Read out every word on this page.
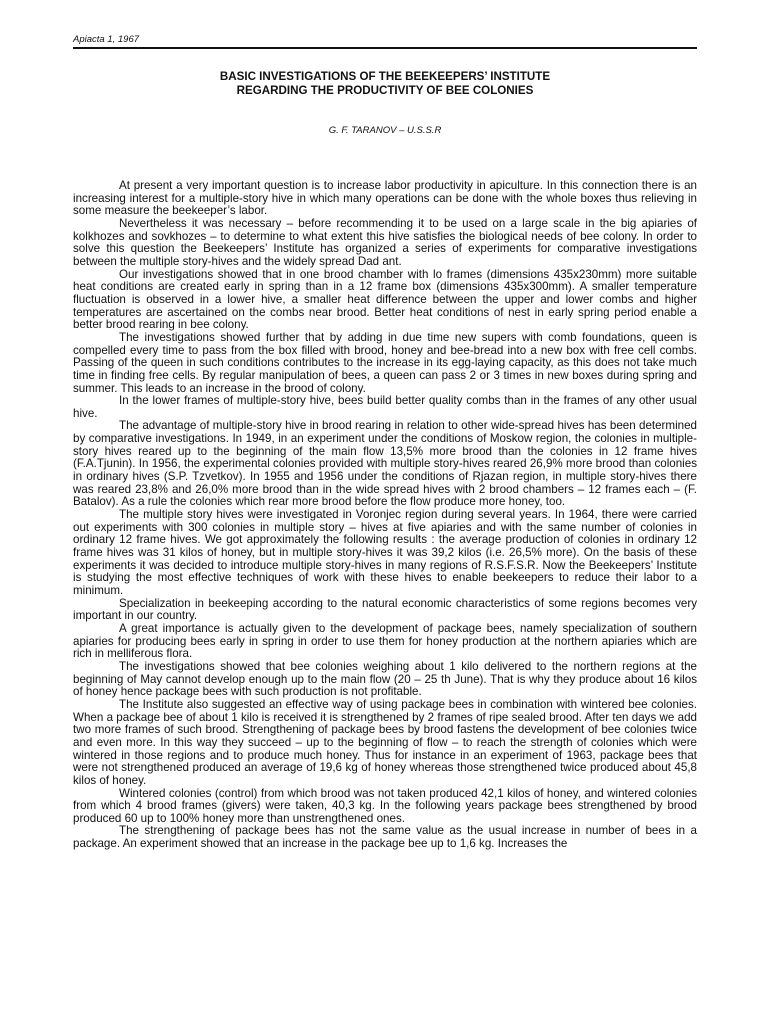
Apiacta 1, 1967
BASIC INVESTIGATIONS OF THE BEEKEEPERS’ INSTITUTE
REGARDING THE PRODUCTIVITY OF BEE COLONIES
G. F. TARANOV – U.S.S.R

At present a very important question is to increase labor productivity in apiculture. In this connection there is an increasing interest for a multiple-story hive in which many operations can be done with the whole boxes thus relieving in some measure the beekeeper’s labor.

Nevertheless it was necessary – before recommending it to be used on a large scale in the big apiaries of kolkhozes and sovkhozes – to determine to what extent this hive satisfies the biological needs of bee colony. In order to solve this question the Beekeepers’ Institute has organized a series of experiments for comparative investigations between the multiple story-hives and the widely spread Dad ant.

Our investigations showed that in one brood chamber with lo frames (dimensions 435x230mm) more suitable heat conditions are created early in spring than in a 12 frame box (dimensions 435x300mm). A smaller temperature fluctuation is observed in a lower hive, a smaller heat difference between the upper and lower combs and higher temperatures are ascertained on the combs near brood. Better heat conditions of nest in early spring period enable a better brood rearing in bee colony.

The investigations showed further that by adding in due time new supers with comb foundations, queen is compelled every time to pass from the box filled with brood, honey and bee-bread into a new box with free cell combs. Passing of the queen in such conditions contributes to the increase in its egg-laying capacity, as this does not take much time in finding free cells. By regular manipulation of bees, a queen can pass 2 or 3 times in new boxes during spring and summer. This leads to an increase in the brood of colony.

In the lower frames of multiple-story hive, bees build better quality combs than in the frames of any other usual hive.

The advantage of multiple-story hive in brood rearing in relation to other wide-spread hives has been determined by comparative investigations. In 1949, in an experiment under the conditions of Moskow region, the colonies in multiple-story hives reared up to the beginning of the main flow 13,5% more brood than the colonies in 12 frame hives (F.A.Tjunin). In 1956, the experimental colonies provided with multiple story-hives reared 26,9% more brood than colonies in ordinary hives (S.P. Tzvetkov). In 1955 and 1956 under the conditions of Rjazan region, in multiple story-hives there was reared 23,8% and 26,0% more brood than in the wide spread hives with 2 brood chambers – 12 frames each – (F. Batalov). As a rule the colonies which rear more brood before the flow produce more honey, too.

The multiple story hives were investigated in Voronjec region during several years. In 1964, there were carried out experiments with 300 colonies in multiple story – hives at five apiaries and with the same number of colonies in ordinary 12 frame hives. We got approximately the following results : the average production of colonies in ordinary 12 frame hives was 31 kilos of honey, but in multiple story-hives it was 39,2 kilos (i.e. 26,5% more). On the basis of these experiments it was decided to introduce multiple story-hives in many regions of R.S.F.S.R. Now the Beekeepers’ Institute is studying the most effective techniques of work with these hives to enable beekeepers to reduce their labor to a minimum.

Specialization in beekeeping according to the natural economic characteristics of some regions becomes very important in our country.

A great importance is actually given to the development of package bees, namely specialization of southern apiaries for producing bees early in spring in order to use them for honey production at the northern apiaries which are rich in melliferous flora.

The investigations showed that bee colonies weighing about 1 kilo delivered to the northern regions at the beginning of May cannot develop enough up to the main flow (20 – 25 th June). That is why they produce about 16 kilos of honey hence package bees with such production is not profitable.

The Institute also suggested an effective way of using package bees in combination with wintered bee colonies. When a package bee of about 1 kilo is received it is strengthened by 2 frames of ripe sealed brood. After ten days we add two more frames of such brood. Strengthening of package bees by brood fastens the development of bee colonies twice and even more. In this way they succeed – up to the beginning of flow – to reach the strength of colonies which were wintered in those regions and to produce much honey. Thus for instance in an experiment of 1963, package bees that were not strengthened produced an average of 19,6 kg of honey whereas those strengthened twice produced about 45,8 kilos of honey.

Wintered colonies (control) from which brood was not taken produced 42,1 kilos of honey, and wintered colonies from which 4 brood frames (givers) were taken, 40,3 kg. In the following years package bees strengthened by brood produced 60 up to 100% honey more than unstrengthened ones.

The strengthening of package bees has not the same value as the usual increase in number of bees in a package. An experiment showed that an increase in the package bee up to 1,6 kg. Increases the
